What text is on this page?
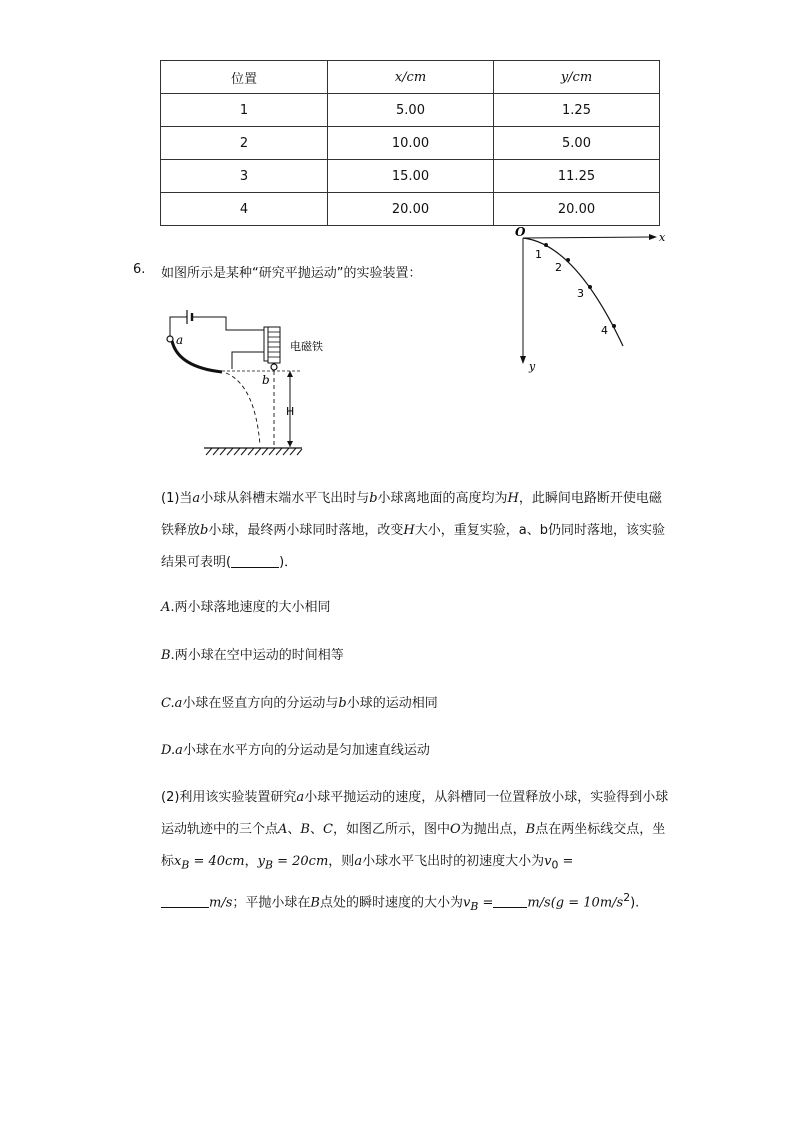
位置	x/cm	y/cm
1	5.00	1.25
2	10.00	5.00
3	15.00	11.25
4	20.00	20.00
O	x
y
1
2
3
4
6. 如图所示是某种“研究平抛运动”的实验装置：
a
b
H
电磁铁
(1)当a小球从斜槽末端水平飞出时与b小球离地面的高度均为H，此瞬间电路断开使电磁铁释放b小球，最终两小球同时落地，改变H大小，重复实验，a、b仍同时落地，该实验结果可表明(	)．
A.两小球落地速度的大小相同
B.两小球在空中运动的时间相等
C.a小球在竖直方向的分运动与b小球的运动相同
D.a小球在水平方向的分运动是匀加速直线运动
(2)利用该实验装置研究a小球平抛运动的速度，从斜槽同一位置释放小球，实验得到小球运动轨迹中的三个点A、B、C，如图乙所示，图中O为抛出点，B点在两坐标线交点，坐标$x_B = 40cm$，$y_B = 20cm$，则a小球水平飞出时的初速度大小为$v_0$ =
m/s；平抛小球在B点处的瞬时速度的大小为$v_B$ =	$m/s(g = 10m/s^2)$.
